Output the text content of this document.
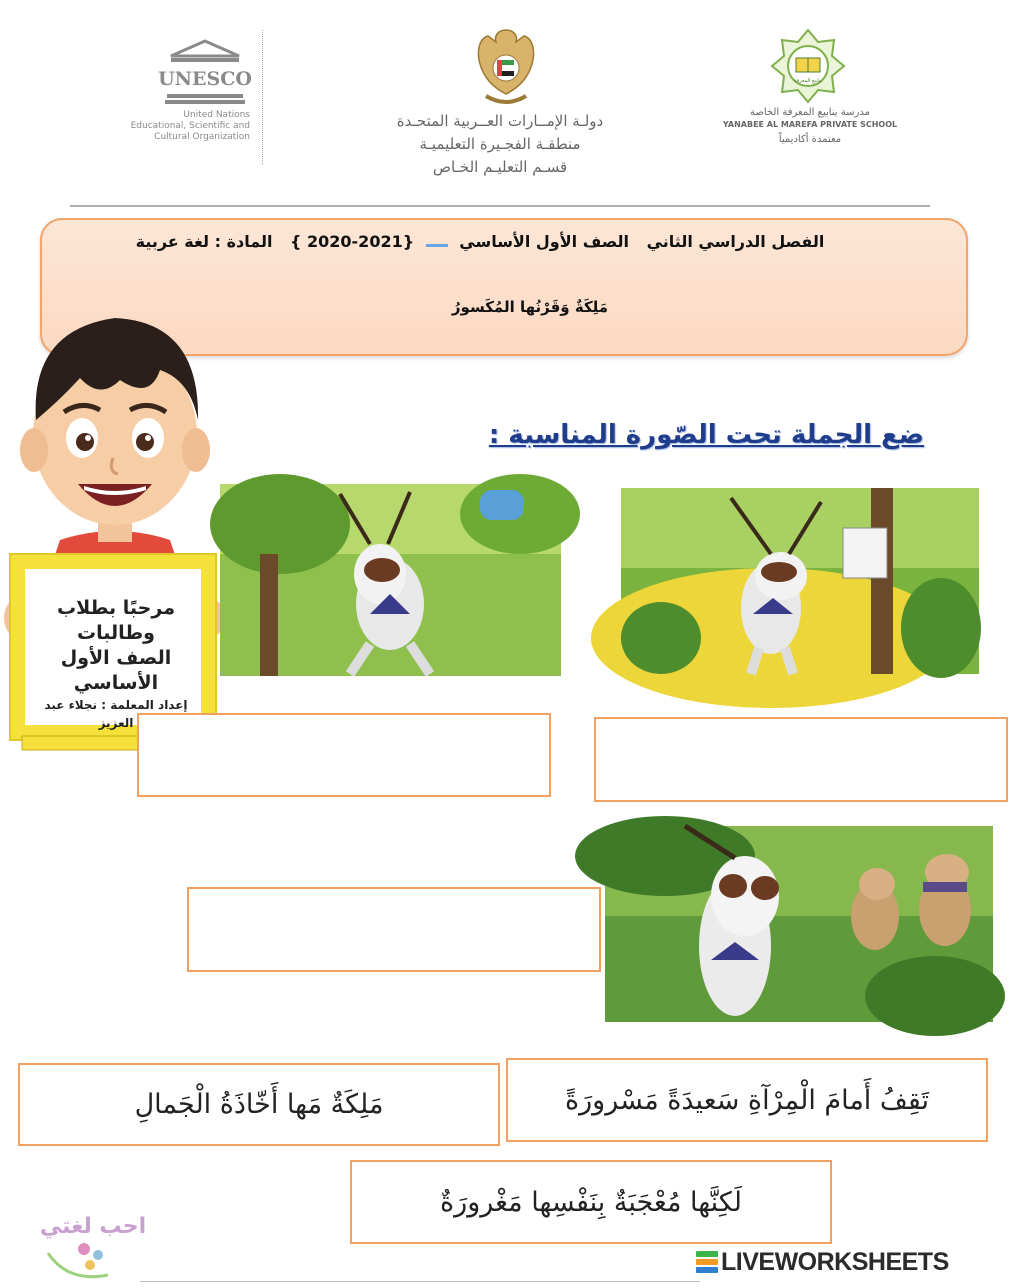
UNESCO
United Nations
Educational, Scientific and
Cultural Organization
دولـة الإمــارات العــربية المتحـدة
منطقـة الفجـيرة التعليميـة
قسـم التعليـم الخـاص
ينابيع المعرفة
مدرسة ينابيع المعرفة الخاصة
YANABEE AL MAREFA PRIVATE SCHOOL
معتمدة أكاديمياً
الفصل الدراسي الثاني الصف الأول الأساسي  { 2020-2021} المادة : لغة عربية
مَلِكَةٌ وَقَرْنُها المُكَسورُ
مرحبًا بطلاب وطالبات
الصف الأول الأساسي
إعداد المعلمة : نجلاء عبد العزيز
ضع الجملة تحت الصّورة المناسبة :
مَلِكَةٌ مَها أَخّاذَةُ الْجَمالِ	تَقِفُ أَمامَ الْمِرْآةِ سَعيدَةً مَسْرورَةً
لَكِنَّها مُعْجَبَةٌ بِنَفْسِها مَغْرورَةٌ
احب لغتي
LIVEWORKSHEETS
